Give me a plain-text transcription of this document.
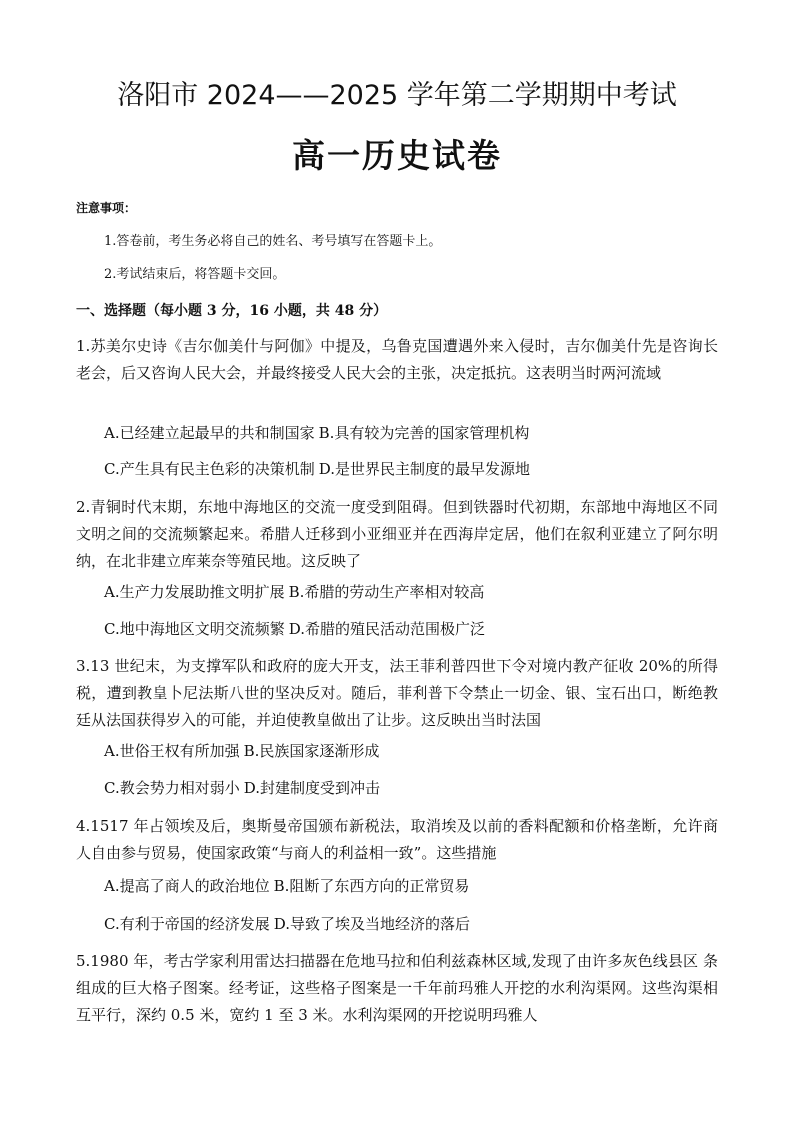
洛阳市 2024——2025 学年第二学期期中考试
高一历史试卷

注意事项：

1.答卷前，考生务必将自己的姓名、考号填写在答题卡上。

2.考试结束后，将答题卡交回。

一、选择题（每小题 3 分，16 小题，共 48 分）

1.苏美尔史诗《吉尔伽美什与阿伽》中提及，乌鲁克国遭遇外来入侵时，吉尔伽美什先是咨询长老会，后又咨询人民大会，并最终接受人民大会的主张，决定抵抗。这表明当时两河流域

A.已经建立起最早的共和制国家 B.具有较为完善的国家管理机构

C.产生具有民主色彩的决策机制 D.是世界民主制度的最早发源地

2.青铜时代末期，东地中海地区的交流一度受到阻碍。但到铁器时代初期，东部地中海地区不同文明之间的交流频繁起来。希腊人迁移到小亚细亚并在西海岸定居，他们在叙利亚建立了阿尔明纳，在北非建立库莱奈等殖民地。这反映了

A.生产力发展助推文明扩展 B.希腊的劳动生产率相对较高

C.地中海地区文明交流频繁 D.希腊的殖民活动范围极广泛

3.13 世纪末，为支撑军队和政府的庞大开支，法王菲利普四世下令对境内教产征收 20%的所得税，遭到教皇卜尼法斯八世的坚决反对。随后，菲利普下令禁止一切金、银、宝石出口，断绝教廷从法国获得岁入的可能，并迫使教皇做出了让步。这反映出当时法国

A.世俗王权有所加强 B.民族国家逐渐形成

C.教会势力相对弱小 D.封建制度受到冲击

4.1517 年占领埃及后，奥斯曼帝国颁布新税法，取消埃及以前的香料配额和价格垄断，允许商人自由参与贸易，使国家政策“与商人的利益相一致”。这些措施

A.提高了商人的政治地位 B.阻断了东西方向的正常贸易

C.有利于帝国的经济发展 D.导致了埃及当地经济的落后

5.1980 年，考古学家利用雷达扫描器在危地马拉和伯利兹森林区域,发现了由许多灰色线县区 条组成的巨大格子图案。经考证，这些格子图案是一千年前玛雅人开挖的水利沟渠网。这些沟渠相互平行，深约 0.5 米，宽约 1 至 3 米。水利沟渠网的开挖说明玛雅人
